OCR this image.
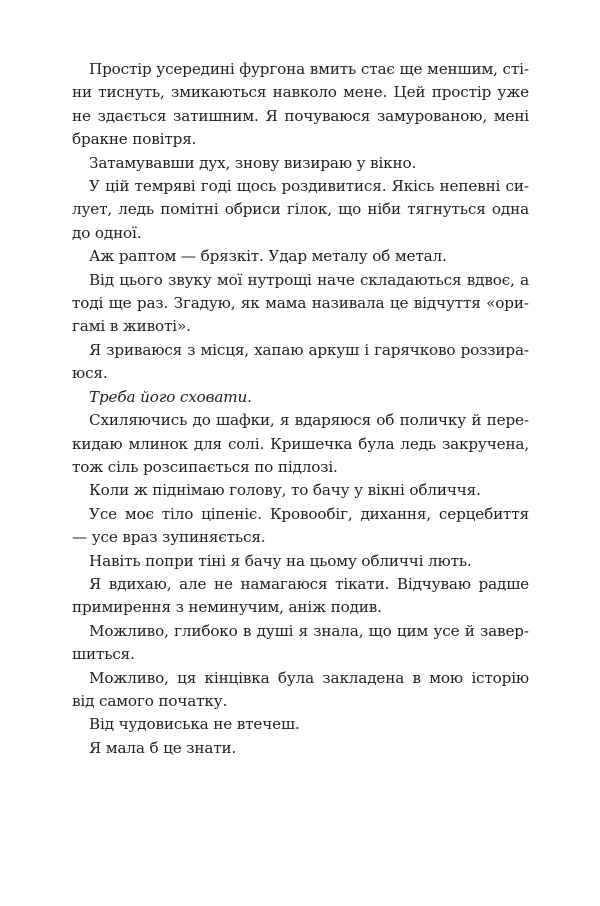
Простір усередині фургона вмить стає ще меншим, стіни тиснуть, змикаються навколо мене. Цей простір уже не здається затишним. Я почуваюся замурованою, мені бракне повітря.

Затамувавши дух, знову визираю у вікно.

У цій темряві годі щось роздивитися. Якісь непевні силует, ледь помітні обриси гілок, що ніби тягнуться одна до одної.

Аж раптом — брязкіт. Удар металу об метал.

Від цього звуку мої нутрощі наче складаються вдвоє, а тоді ще раз. Згадую, як мама називала це відчуття «оригамі в животі».

Я зриваюся з місця, хапаю аркуш і гарячково роззираюся.

Треба його сховати.

Схиляючись до шафки, я вдаряюся об поличку й перекидаю млинок для солі. Кришечка була ледь закручена, тож сіль розсипається по підлозі.

Коли ж піднімаю голову, то бачу у вікні обличчя.

Усе моє тіло ціпеніє. Кровообіг, дихання, серцебиття — усе враз зупиняється.

Навіть попри тіні я бачу на цьому обличчі лють.

Я вдихаю, але не намагаюся тікати. Відчуваю радше примирення з неминучим, аніж подив.

Можливо, глибоко в душі я знала, що цим усе й завершиться.

Можливо, ця кінцівка була закладена в мою історію від самого початку.

Від чудовиська не втечеш.

Я мала б це знати.
